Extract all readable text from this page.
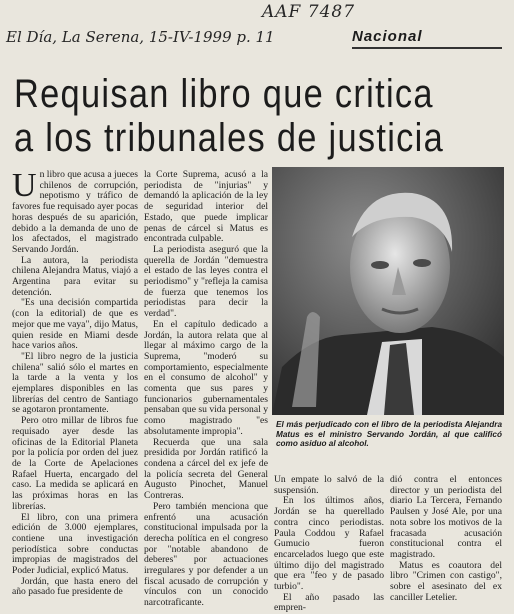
AAF 7487
El Día, La Serena, 15-IV-1999 p. 11	Nacional
Requisan libro que critica
a los tribunales de justicia

Un libro que acusa a jueces chilenos de corrupción, nepotismo y tráfico de favores fue requisado ayer pocas horas después de su aparición, debido a la demanda de uno de los afectados, el magistrado Servando Jordán.

La autora, la periodista chilena Alejandra Matus, viajó a Argentina para evitar su detención.

"Es una decisión compartida (con la editorial) de que es mejor que me vaya", dijo Matus, quien reside en Miami desde hace varios años.

"El libro negro de la justicia chilena" salió sólo el martes en la tarde a la venta y los ejemplares disponibles en las librerías del centro de Santiago se agotaron prontamente.

Pero otro millar de libros fue requisado ayer desde las oficinas de la Editorial Planeta por la policía por orden del juez de la Corte de Apelaciones Rafael Huerta, encargado del caso. La medida se aplicará en las próximas horas en las librerías.

El libro, con una primera edición de 3.000 ejemplares, contiene una investigación periodística sobre conductas impropias de magistrados del Poder Judicial, explicó Matus.

Jordán, que hasta enero del año pasado fue presidente de

la Corte Suprema, acusó a la periodista de "injurias" y demandó la aplicación de la ley de seguridad interior del Estado, que puede implicar penas de cárcel si Matus es encontrada culpable.

La periodista aseguró que la querella de Jordán "demuestra el estado de las leyes contra el periodismo" y "refleja la camisa de fuerza que tenemos los periodistas para decir la verdad".

En el capítulo dedicado a Jordán, la autora relata que al llegar al máximo cargo de la Suprema, "moderó su comportamiento, especialmente en el consumo de alcohol" y comenta que sus pares y funcionarios gubernamentales pensaban que su vida personal y como magistrado "es absolutamente impropia".

Recuerda que una sala presidida por Jordán ratificó la condena a cárcel del ex jefe de la policía secreta del General Augusto Pinochet, Manuel Contreras.

Pero también menciona que enfrentó una acusación constitucional impulsada por la derecha política en el congreso por "notable abandono de deberes" por actuaciones irregulares y por defender a un fiscal acusado de corrupción y vínculos con un conocido narcotraficante.

El más perjudicado con el libro de la periodista Alejandra Matus es el ministro Servando Jordán, al que calificó como asiduo al alcohol.

Un empate lo salvó de la suspensión.

En los últimos años, Jordán se ha querellado contra cinco periodistas. Paula Coddou y Rafael Gumucio fueron encarcelados luego que este último dijo del magistrado que era "feo y de pasado turbio".

El año pasado las empren-

dió contra el entonces director y un periodista del diario La Tercera, Fernando Paulsen y José Ale, por una nota sobre los motivos de la fracasada acusación constitucional contra el magistrado.

Matus es coautora del libro "Crimen con castigo", sobre el asesinato del ex canciller Letelier.
